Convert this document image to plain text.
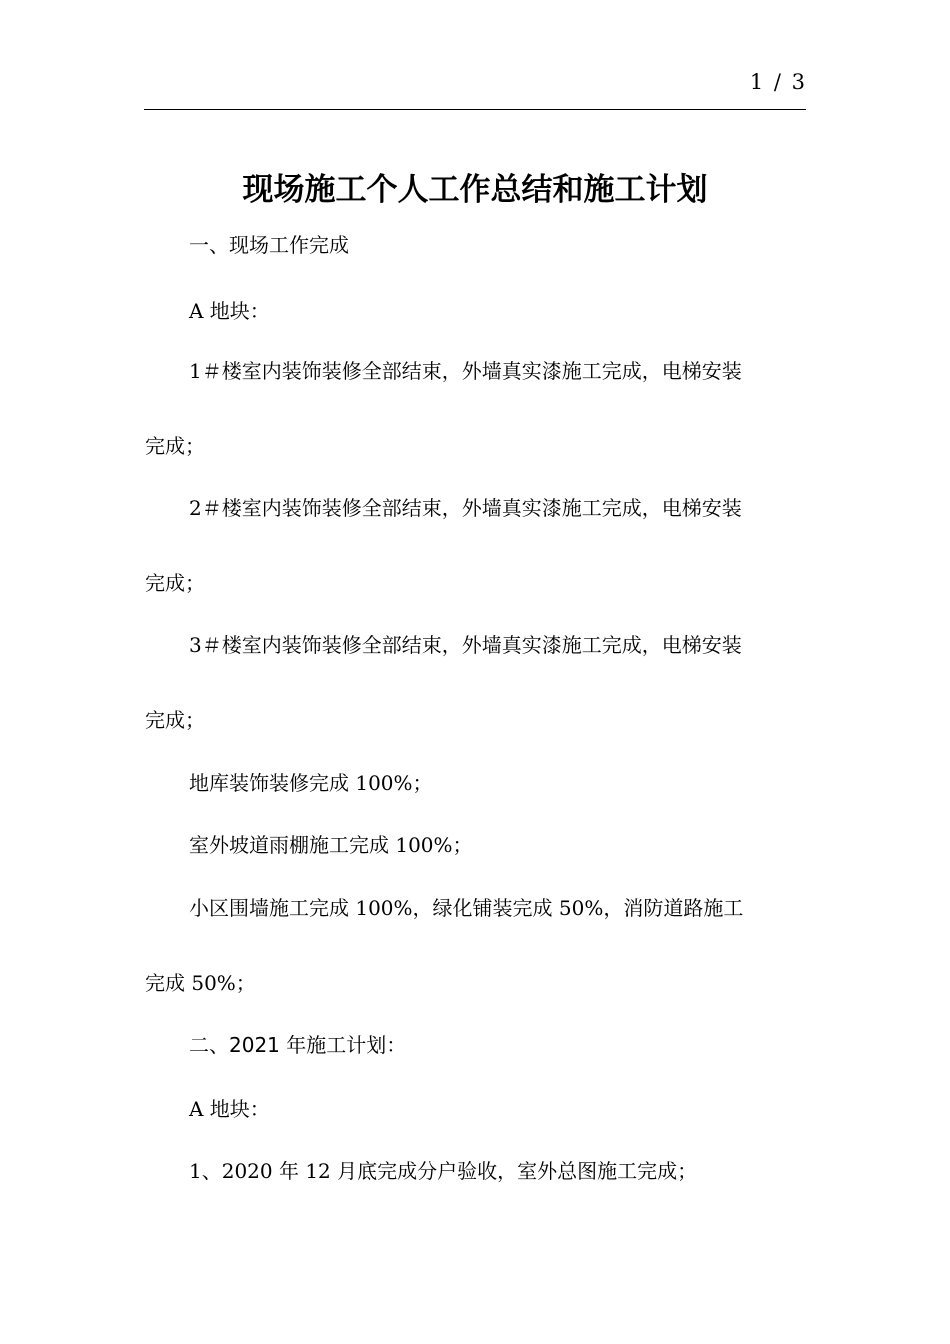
1 / 3
现场施工个人工作总结和施工计划

一、现场工作完成

A 地块：

1＃楼室内装饰装修全部结束，外墙真实漆施工完成，电梯安装

完成；

2＃楼室内装饰装修全部结束，外墙真实漆施工完成，电梯安装

完成；

3＃楼室内装饰装修全部结束，外墙真实漆施工完成，电梯安装

完成；

地库装饰装修完成 100%；

室外坡道雨棚施工完成 100%；

小区围墙施工完成 100%，绿化铺装完成 50%，消防道路施工

完成 50%；

二、2021 年施工计划：

A 地块：

1、2020 年 12 月底完成分户验收，室外总图施工完成；
